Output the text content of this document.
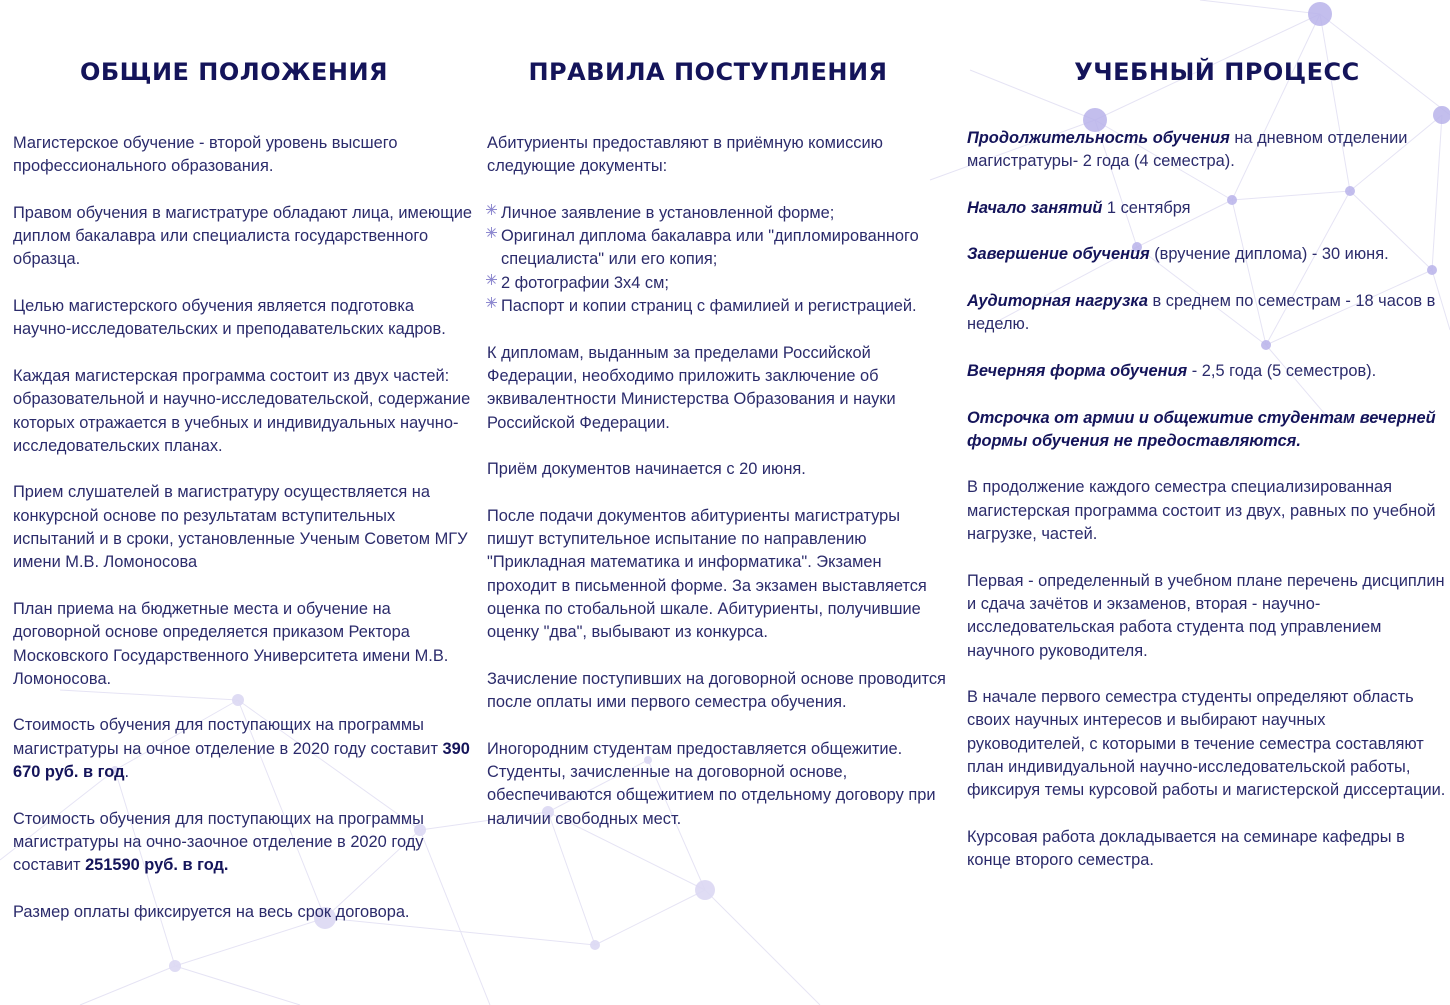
ОБЩИЕ ПОЛОЖЕНИЯ

Магистерское обучение - второй уровень высшего профессионального образования.

Правом обучения в магистратуре обладают лица, имеющие диплом бакалавра или специалиста государственного образца.

Целью магистерского обучения является подготовка научно-исследовательских и преподавательских кадров.

Каждая магистерская программа состоит из двух частей: образовательной и научно-исследовательской, содержание которых отражается в учебных и индивидуальных научно-исследовательских планах.

Прием слушателей в магистратуру осуществляется на конкурсной основе по результатам вступительных испытаний и в сроки, установленные Ученым Советом МГУ имени М.В. Ломоносова

План приема на бюджетные места и обучение на договорной основе определяется приказом Ректора Московского Государственного Университета имени М.В. Ломоносова.

Стоимость обучения для поступающих на программы магистратуры на очное отделение в 2020 году составит 390 670 руб. в год.

Стоимость обучения для поступающих на программы магистратуры на очно-заочное отделение в 2020 году составит 251590 руб. в год.

Размер оплаты фиксируется на весь срок договора.

ПРАВИЛА ПОСТУПЛЕНИЯ

Абитуриенты предоставляют в приёмную комиссию следующие документы:

Личное заявление в установленной форме;
Оригинал диплома бакалавра или "дипломированного специалиста" или его копия;
2 фотографии 3х4 см;
Паспорт и копии страниц с фамилией и регистрацией.

К дипломам, выданным за пределами Российской Федерации, необходимо приложить заключение об эквивалентности Министерства Образования и науки Российской Федерации.

Приём документов начинается с 20 июня.

После подачи документов абитуриенты магистратуры пишут вступительное испытание по направлению "Прикладная математика и информатика". Экзамен проходит в письменной форме. За экзамен выставляется оценка по стобальной шкале. Абитуриенты, получившие оценку "два", выбывают из конкурса.

Зачисление поступивших на договорной основе проводится после оплаты ими первого семестра обучения.

Иногородним студентам предоставляется общежитие. Студенты, зачисленные на договорной основе, обеспечиваются общежитием по отдельному договору при наличии свободных мест.

УЧЕБНЫЙ ПРОЦЕСС

Продолжительность обучения на дневном отделении магистратуры- 2 года (4 семестра).

Начало занятий 1 сентября

Завершение обучения (вручение диплома) - 30 июня.

Аудиторная нагрузка в среднем по семестрам - 18 часов в неделю.

Вечерняя форма обучения - 2,5 года (5 семестров).

Отсрочка от армии и общежитие студентам вечерней формы обучения не предоставляются.

В продолжение каждого семестра специализированная магистерская программа состоит из двух, равных по учебной нагрузке, частей.

Первая - определенный в учебном плане перечень дисциплин и сдача зачётов и экзаменов, вторая - научно-исследовательская работа студента под управлением научного руководителя.

В начале первого семестра студенты определяют область своих научных интересов и выбирают научных руководителей, с которыми в течение семестра составляют план индивидуальной научно-исследовательской работы, фиксируя темы курсовой работы и магистерской диссертации.

Курсовая работа докладывается на семинаре кафедры в конце второго семестра.
